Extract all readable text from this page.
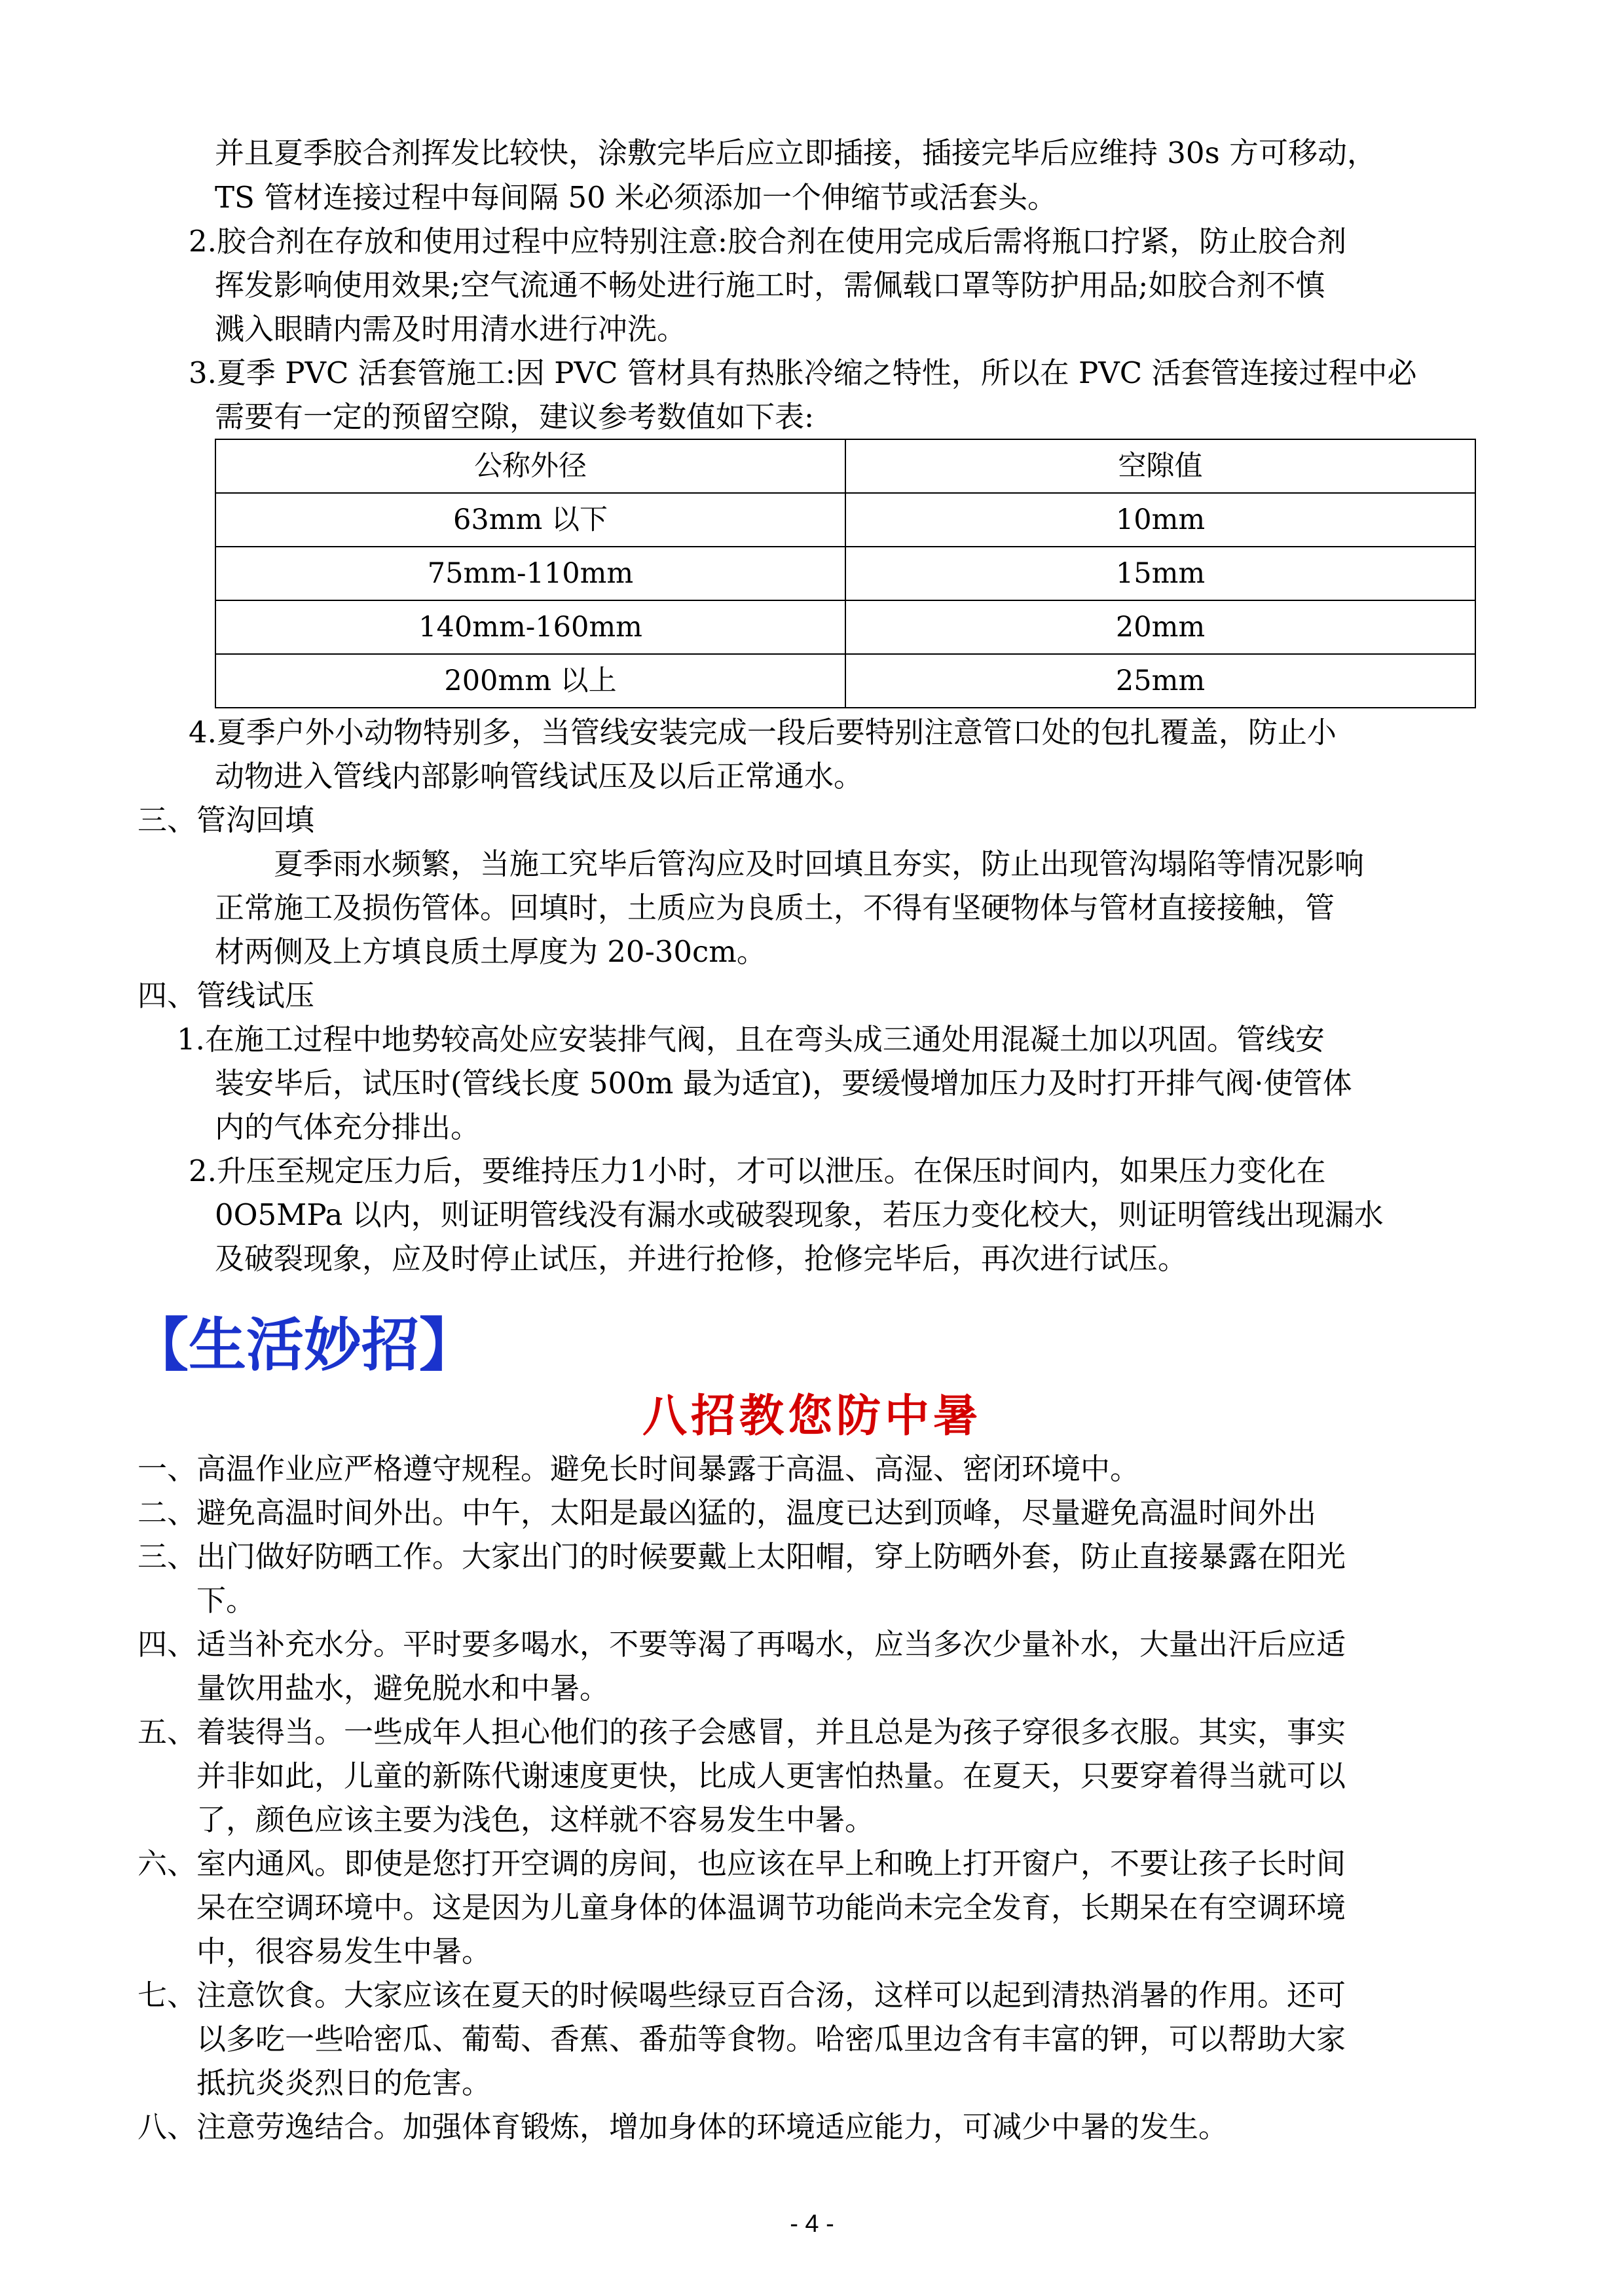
并且夏季胶合剂挥发比较快，涂敷完毕后应立即插接，插接完毕后应维持 30s 方可移动，
TS 管材连接过程中每间隔 50 米必须添加一个伸缩节或活套头。
2.胶合剂在存放和使用过程中应特别注意:胶合剂在使用完成后需将瓶口拧紧，防止胶合剂
挥发影响使用效果;空气流通不畅处进行施工时，需佩载口罩等防护用品;如胶合剂不慎
溅入眼睛内需及时用清水进行冲洗。
3.夏季 PVC 活套管施工:因 PVC 管材具有热胀冷缩之特性，所以在 PVC 活套管连接过程中必
需要有一定的预留空隙，建议参考数值如下表:
公称外径	空隙值
63mm 以下	10mm
75mm-110mm	15mm
140mm-160mm	20mm
200mm 以上	25mm
4.夏季户外小动物特别多，当管线安装完成一段后要特别注意管口处的包扎覆盖，防止小
动物进入管线内部影响管线试压及以后正常通水。
三、管沟回填
夏季雨水频繁，当施工究毕后管沟应及时回填且夯实，防止出现管沟塌陷等情况影响
正常施工及损伤管体。回填时，土质应为良质土，不得有坚硬物体与管材直接接触，管
材两侧及上方填良质土厚度为 20-30cm。
四、管线试压
1.在施工过程中地势较高处应安装排气阀，且在弯头成三通处用混凝土加以巩固。管线安
装安毕后，试压时(管线长度 500m 最为适宜)，要缓慢增加压力及时打开排气阀·使管体
内的气体充分排出。
2.升压至规定压力后，要维持压力1小时，才可以泄压。在保压时间内，如果压力变化在
0O5MPa 以内，则证明管线没有漏水或破裂现象，若压力变化校大，则证明管线出现漏水
及破裂现象，应及时停止试压，并进行抢修，抢修完毕后，再次进行试压。
【生活妙招】
八招教您防中暑
一、高温作业应严格遵守规程。避免长时间暴露于高温、高湿、密闭环境中。
二、避免高温时间外出。中午，太阳是最凶猛的，温度已达到顶峰，尽量避免高温时间外出
三、出门做好防晒工作。大家出门的时候要戴上太阳帽，穿上防晒外套，防止直接暴露在阳光
下。
四、适当补充水分。平时要多喝水，不要等渴了再喝水，应当多次少量补水，大量出汗后应适
量饮用盐水，避免脱水和中暑。
五、着装得当。一些成年人担心他们的孩子会感冒，并且总是为孩子穿很多衣服。其实，事实
并非如此，儿童的新陈代谢速度更快，比成人更害怕热量。在夏天，只要穿着得当就可以
了，颜色应该主要为浅色，这样就不容易发生中暑。
六、室内通风。即使是您打开空调的房间，也应该在早上和晚上打开窗户，不要让孩子长时间
呆在空调环境中。这是因为儿童身体的体温调节功能尚未完全发育，长期呆在有空调环境
中，很容易发生中暑。
七、注意饮食。大家应该在夏天的时候喝些绿豆百合汤，这样可以起到清热消暑的作用。还可
以多吃一些哈密瓜、葡萄、香蕉、番茄等食物。哈密瓜里边含有丰富的钾，可以帮助大家
抵抗炎炎烈日的危害。
八、注意劳逸结合。加强体育锻炼，增加身体的环境适应能力，可减少中暑的发生。
- 4 -
